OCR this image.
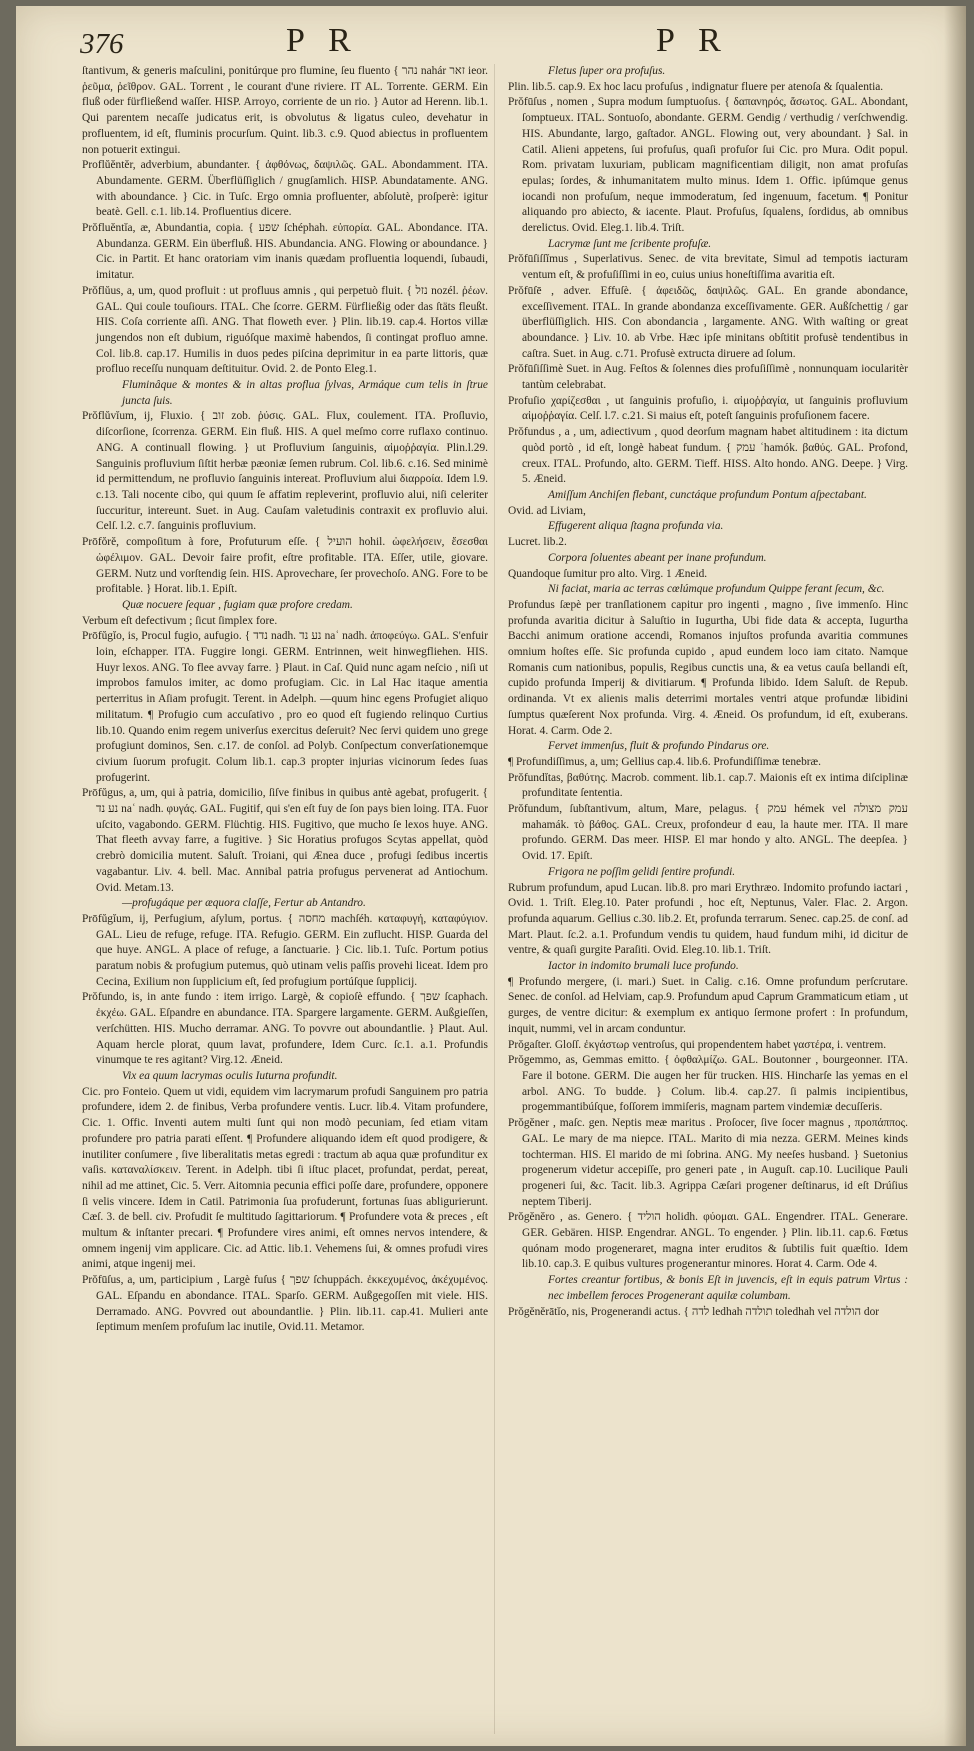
376	P R	P R

ſtantivum, & generis maſculini, ponitúrque pro flumine, ſeu fluento { נהר nahár זאר ieor. ῥεῦμα, ῥεῖθρον. GAL. Torrent , le courant d'une riviere. IT AL. Torrente. GERM. Ein fluß oder fürfließend waſſer. HISP. Arroyo, corriente de un rio. } Autor ad Herenn. lib.1. Qui parentem necaſſe judicatus erit, is obvolutus & ligatus culeo, devehatur in profluentem, id eſt, fluminis procurſum. Quint. lib.3. c.9. Quod abiectus in profluentem non potuerit extingui.

Proflŭĕntĕr, adverbium, abundanter. { ἀφθόνως, δαψιλῶς. GAL. Abondamment. ITA. Abundamente. GERM. Überflüſſiglich / gnugſamlich. HISP. Abundatamente. ANG. with aboundance. } Cic. in Tuſc. Ergo omnia profluenter, abſolutè, proſperè: igitur beatè. Gell. c.1. lib.14. Profluentius dicere.

Prŏfluĕntĭa, æ, Abundantia, copia. { שפע ſchéphah. εὐπορία. GAL. Abondance. ITA. Abundanza. GERM. Ein überfluß. HIS. Abundancia. ANG. Flowing or aboundance. } Cic. in Partit. Et hanc oratoriam vim inanis quædam profluentia loquendi, ſubaudi, imitatur.

Prŏflŭus, a, um, quod profluit : ut profluus amnis , qui perpetuò fluit. { נזל nozél. ῥέων. GAL. Qui coule touſiours. ITAL. Che ſcorre. GERM. Fürfließig oder das ſtäts fleußt. HIS. Coſa corriente aſſi. ANG. That floweth ever. } Plin. lib.19. cap.4. Hortos villæ jungendos non eſt dubium, riguóſque maximè habendos, ſi contingat profluo amne. Col. lib.8. cap.17. Humilis in duos pedes piſcina deprimitur in ea parte littoris, quæ profluo receſſu nunquam deſtituitur. Ovid. 2. de Ponto Eleg.1.

Fluminâque & montes & in altas proflua ſylvas, Armáque cum telis in ſtrue juncta ſuis.

Prŏflŭvĭum, ij, Fluxio. { זוב zob. ῥύσις. GAL. Flux, coulement. ITA. Proſluvio, diſcorſione, ſcorrenza. GERM. Ein fluß. HIS. A quel meſmo corre ruflaxo continuo. ANG. A continuall flowing. } ut Profluvium ſanguinis, αἱμοῤῥαγία. Plin.l.29. Sanguinis profluvium ſiſtit herbæ pæoniæ ſemen rubrum. Col. lib.6. c.16. Sed minimè id permittendum, ne profluvio ſanguinis intereat. Profluvium alui διαρροία. Idem l.9. c.13. Tali nocente cibo, qui quum ſe affatim repleverint, profluvio alui, niſi celeriter ſuccuritur, intereunt. Suet. in Aug. Cauſam valetudinis contraxit ex profluvio alui. Celſ. l.2. c.7. ſanguinis profluvium.

Prōfŏrĕ, compoſitum à fore, Profuturum eſſe. { הועיל hohil. ὠφελήσειν, ἔσεσθαι ὠφέλιμον. GAL. Devoir faire profit, eſtre profitable. ITA. Eſſer, utile, giovare. GERM. Nutz und vorſtendig ſein. HIS. Aprovechare, ſer provechoſo. ANG. Fore to be profitable. } Horat. lib.1. Epiſt.

Quæ nocuere ſequar , fugiam quæ profore credam.

Verbum eſt defectivum ; ſicut ſimplex fore.

Prōfŭgĭo, is, Procul fugio, aufugio. { נדד nadh. נע נד naʿ nadh. ἀποφεύγω. GAL. S'enfuir loin, eſchapper. ITA. Fuggire longi. GERM. Entrinnen, weit hinwegfliehen. HIS. Huyr lexos. ANG. To flee avvay farre. } Plaut. in Caſ. Quid nunc agam neſcio , niſi ut improbos famulos imiter, ac domo profugiam. Cic. in Lal Hac itaque amentia perterritus in Aſiam profugit. Terent. in Adelph. —quum hinc egens Profugiet aliquo militatum. ¶ Profugio cum accuſativo , pro eo quod eſt fugiendo relinquo Curtius lib.10. Quando enim regem univerſus exercitus deſeruit? Nec ſervi quidem uno grege profugiunt dominos, Sen. c.17. de conſol. ad Polyb. Conſpectum converſationemque civium ſuorum profugit. Colum lib.1. cap.3 propter injurias vicinorum ſedes ſuas profugerint.

Prōfŭgus, a, um, qui à patria, domicilio, ſiſve finibus in quibus antè agebat, profugerit. { נע נד naʿ nadh. φυγάς. GAL. Fugitif, qui s'en eſt fuy de ſon pays bien loing. ITA. Fuor uſcito, vagabondo. GERM. Flüchtig. HIS. Fugitivo, que mucho ſe lexos huye. ANG. That fleeth avvay farre, a fugitive. } Sic Horatius profugos Scytas appellat, quòd crebrò domicilia mutent. Saluſt. Troiani, qui Ænea duce , profugi ſedibus incertis vagabantur. Liv. 4. bell. Mac. Annibal patria profugus pervenerat ad Antiochum. Ovid. Metam.13.

—profugáque per æquora claſſe, Fertur ab Antandro.

Prōfŭgĭum, ij, Perfugium, aſylum, portus. { מחסה machſéh. καταφυγή, καταφύγιον. GAL. Lieu de refuge, refuge. ITA. Refugio. GERM. Ein zuflucht. HISP. Guarda del que huye. ANGL. A place of refuge, a ſanctuarie. } Cic. lib.1. Tuſc. Portum potius paratum nobis & profugium putemus, quò utinam velis paſſis provehi liceat. Idem pro Cecina, Exilium non ſupplicium eſt, ſed profugium portúſque ſupplicij.

Prŏfundo, is, in ante fundo : item irrigo. Largè, & copioſè effundo. { שפך ſcaphach. ἐκχέω. GAL. Eſpandre en abundance. ITA. Spargere largamente. GERM. Außgieſſen, verſchütten. HIS. Mucho derramar. ANG. To povvre out aboundantlie. } Plaut. Aul. Aquam hercle plorat, quum lavat, profundere, Idem Curc. ſc.1. a.1. Profundis vinumque te res agitant? Virg.12. Æneid.

Vix ea quum lacrymas oculis Iuturna profundit.

Cic. pro Fonteio. Quem ut vidi, equidem vim lacrymarum profudi Sanguinem pro patria profundere, idem 2. de finibus, Verba profundere ventis. Lucr. lib.4. Vitam profundere, Cic. 1. Offic. Inventi autem multi ſunt qui non modò pecuniam, ſed etiam vitam profundere pro patria parati eſſent. ¶ Profundere aliquando idem eſt quod prodigere, & inutiliter conſumere , ſive liberalitatis metas egredi : tractum ab aqua quæ profunditur ex vaſis. καταναλίσκειν. Terent. in Adelph. tibi ſi iſtuc placet, profundat, perdat, pereat, nihil ad me attinet, Cic. 5. Verr. Aitomnia pecunia effici poſſe dare, profundere, opponere ſi velis vincere. Idem in Catil. Patrimonia ſua profuderunt, fortunas ſuas abligurierunt. Cæſ. 3. de bell. civ. Profudit ſe multitudo ſagittariorum. ¶ Profundere vota & preces , eſt multum & inſtanter precari. ¶ Profundere vires animi, eſt omnes nervos intendere, & omnem ingenij vim applicare. Cic. ad Attic. lib.1. Vehemens ſui, & omnes profudi vires animi, atque ingenij mei.

Prŏfūſus, a, um, participium , Largè fuſus { שפך ſchuppách. ἐκκεχυμένος, ἀκέχυμένος. GAL. Eſpandu en abondance. ITAL. Sparſo. GERM. Außgegoſſen mit viele. HIS. Derramado. ANG. Povvred out aboundantlie. } Plin. lib.11. cap.41. Mulieri ante ſeptimum menſem profuſum lac inutile, Ovid.11. Metamor.

Fletus ſuper ora profuſus.

Plin. lib.5. cap.9. Ex hoc lacu profuſus , indignatur fluere per atenoſa & ſqualentia.

Prŏfūſus , nomen , Supra modum ſumptuoſus. { δαπανηρός, ἄσωτος. GAL. Abondant, ſomptueux. ITAL. Sontuoſo, abondante. GERM. Gendig / verthudig / verſchwendig. HIS. Abundante, largo, gaſtador. ANGL. Flowing out, very aboundant. } Sal. in Catil. Alieni appetens, ſui profuſus, quaſi profuſor ſui Cic. pro Mura. Odit popul. Rom. privatam luxuriam, publicam magnificentiam diligit, non amat profuſas epulas; ſordes, & inhumanitatem multo minus. Idem 1. Offic. ipſúmque genus iocandi non profuſum, neque immoderatum, ſed ingenuum, facetum. ¶ Ponitur aliquando pro abiecto, & iacente. Plaut. Profuſus, ſqualens, ſordidus, ab omnibus derelictus. Ovid. Eleg.1. lib.4. Triſt.

Lacrymæ ſunt me ſcribente profuſæ.

Prŏfūſiſſĭmus , Superlativus. Senec. de vita brevitate, Simul ad tempotis iacturam ventum eſt, & profuſiſſimi in eo, cuius unius honeſtiſſima avaritia eſt.

Prŏfūſē , adver. Effuſè. { ἀφειδῶς, δαψιλῶς. GAL. En grande abondance, exceſſivement. ITAL. In grande abondanza exceſſivamente. GER. Außſchettig / gar überflüſſiglich. HIS. Con abondancia , largamente. ANG. With waſting or great aboundance. } Liv. 10. ab Vrbe. Hæc ipſe minitans obſtitit profusè tendentibus in caſtra. Suet. in Aug. c.71. Profusè extructa diruere ad ſolum.

Prŏfūſiſſimè Suet. in Aug. Feſtos & ſolennes dies profuſiſſimè , nonnunquam iocularitèr tantùm celebrabat.

Profuſio χαρίζεσθαι , ut ſanguinis profuſio, i. αἱμοῤῥαγία, ut ſanguinis profluvium αἱμοῤῥαγία. Celſ. l.7. c.21. Si maius eſt, poteſt ſanguinis profuſionem facere.

Prŏfundus , a , um, adiectivum , quod deorſum magnam habet altitudinem : ita dictum quòd portò , id eſt, longè habeat fundum. { עמק ʿhamók. βαθύς. GAL. Profond, creux. ITAL. Profundo, alto. GERM. Tieff. HISS. Alto hondo. ANG. Deepe. } Virg. 5. Æneid.

Amiſſum Anchiſen flebant, cunctáque profundum Pontum aſpectabant.

Ovid. ad Liviam,

Effugerent aliqua ſtagna profunda via.

Lucret. lib.2.

Corpora ſoluentes abeant per inane profundum.

Quandoque ſumitur pro alto. Virg. 1 Æneid.

Ni faciat, maria ac terras cœlúmque profundum Quippe ferant ſecum, &c.

Profundus ſæpè per tranſlationem capitur pro ingenti , magno , ſive immenſo. Hinc profunda avaritia dicitur à Saluſtio in Iugurtha, Ubi fide data & accepta, Iugurtha Bacchi animum oratione accendi, Romanos injuſtos profunda avaritia communes omnium hoſtes eſſe. Sic profunda cupido , apud eundem loco iam citato. Namque Romanis cum nationibus, populis, Regibus cunctis una, & ea vetus cauſa bellandi eſt, cupido profunda Imperij & divitiarum. ¶ Profunda libido. Idem Saluſt. de Repub. ordinanda. Vt ex alienis malis deterrimi mortales ventri atque profundæ libidini ſumptus quæſerent Nox profunda. Virg. 4. Æneid. Os profundum, id eſt, exuberans. Horat. 4. Carm. Ode 2.

Fervet immenſus, fluit & profundo Pindarus ore.

¶ Profundiſſimus, a, um; Gellius cap.4. lib.6. Profundiſſimæ tenebræ.

Prŏfundĭtas, βαθύτης. Macrob. comment. lib.1. cap.7. Maionis eſt ex intima diſciplinæ profunditate ſententia.

Prŏfundum, ſubſtantivum, altum, Mare, pelagus. { עמק hémek vel עמק מצולה mahamák. τὸ βάθος. GAL. Creux, profondeur d eau, la haute mer. ITA. Il mare profundo. GERM. Das meer. HISP. El mar hondo y alto. ANGL. The deepſea. } Ovid. 17. Epiſt.

Frigora ne poſſim gelidi ſentire profundi.

Rubrum profundum, apud Lucan. lib.8. pro mari Erythræo. Indomito profundo iactari , Ovid. 1. Triſt. Eleg.10. Pater profundi , hoc eſt, Neptunus, Valer. Flac. 2. Argon. profunda aquarum. Gellius c.30. lib.2. Et, profunda terrarum. Senec. cap.25. de conſ. ad Mart. Plaut. ſc.2. a.1. Profundum vendis tu quidem, haud fundum mihi, id dicitur de ventre, & quaſi gurgite Paraſiti. Ovid. Eleg.10. lib.1. Triſt.

Iactor in indomito brumali luce profundo.

¶ Profundo mergere, (i. mari.) Suet. in Calig. c.16. Omne profundum perſcrutare. Senec. de conſol. ad Helviam, cap.9. Profundum apud Caprum Grammaticum etiam , ut gurges, de ventre dicitur: & exemplum ex antiquo ſermone profert : In profundum, inquit, nummi, vel in arcam conduntur.

Prŏgaſter. Gloſſ. ἐκγάστωρ ventroſus, qui propendentem habet γαστέρα, i. ventrem.

Prŏgemmo, as, Gemmas emitto. { ὀφθαλμίζω. GAL. Boutonner , bourgeonner. ITA. Fare il botone. GERM. Die augen her für trucken. HIS. Hincharſe las yemas en el arbol. ANG. To budde. } Colum. lib.4. cap.27. ſi palmis incipientibus, progemmantibúſque, foſſorem immiſeris, magnam partem vindemiæ decuſſeris.

Prŏgĕner , maſc. gen. Neptis meæ maritus . Proſocer, ſive ſocer magnus , προπάππος. GAL. Le mary de ma niepce. ITAL. Marito di mia nezza. GERM. Meines kinds tochterman. HIS. El marido de mi ſobrina. ANG. My neeſes husband. } Suetonius progenerum videtur accepiſſe, pro generi pate , in Auguſt. cap.10. Lucilique Pauli progeneri ſui, &c. Tacit. lib.3. Agrippa Cæſari progener deſtinarus, id eſt Drúſius neptem Tiberij.

Prŏgĕnĕro , as. Genero. { הוליד holidh. φύομαι. GAL. Engendrer. ITAL. Generare. GER. Gebären. HISP. Engendrar. ANGL. To engender. } Plin. lib.11. cap.6. Fœtus quónam modo progeneraret, magna inter eruditos & ſubtilis fuit quæſtio. Idem lib.10. cap.3. E quibus vultures progenerantur minores. Horat 4. Carm. Ode 4.

Fortes creantur fortibus, & bonis Eſt in juvencis, eſt in equis patrum Virtus : nec imbellem feroces Progenerant aquilæ columbam.

Prŏgĕnĕrātĭo, nis, Progenerandi actus. { לדה ledhah תולדה toledhah vel הולדה dor
